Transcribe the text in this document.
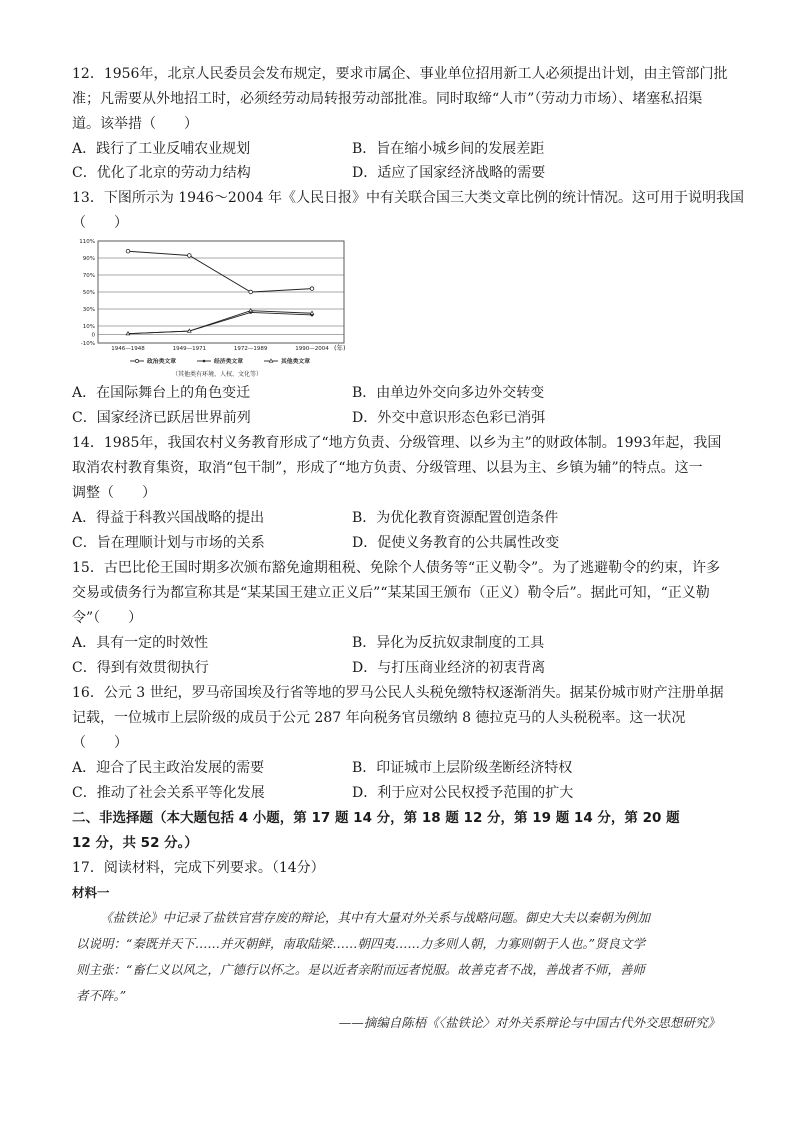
12．1956年，北京人民委员会发布规定，要求市属企、事业单位招用新工人必须提出计划，由主管部门批
准；凡需要从外地招工时，必须经劳动局转报劳动部批准。同时取缔“人市”（劳动力市场）、堵塞私招渠
道。该举措（　　）
A．践行了工业反哺农业规划	B．旨在缩小城乡间的发展差距
C．优化了北京的劳动力结构	D．适应了国家经济战略的需要
13．下图所示为 1946～2004 年《人民日报》中有关联合国三大类文章比例的统计情况。这可用于说明我国
（　　）
110%
90%
70%
50%
30%
10%
0
-10%
1946—1948	1949—1971	1972—1989	1990—2004
政治类文章	经济类文章	其他类文章
(年)
（其他类有环境、人权、文化等）
A．在国际舞台上的角色变迁	B．由单边外交向多边外交转变
C．国家经济已跃居世界前列	D．外交中意识形态色彩已消弭
14．1985年，我国农村义务教育形成了“地方负责、分级管理、以乡为主”的财政体制。1993年起，我国
取消农村教育集资，取消“包干制”，形成了“地方负责、分级管理、以县为主、乡镇为辅”的特点。这一
调整（　　）
A．得益于科教兴国战略的提出	B．为优化教育资源配置创造条件
C．旨在理顺计划与市场的关系	D．促使义务教育的公共属性改变
15．古巴比伦王国时期多次颁布豁免逾期租税、免除个人债务等“正义勒令”。为了逃避勒令的约束，许多
交易或债务行为都宣称其是“某某国王建立正义后”“某某国王颁布（正义）勒令后”。据此可知，“正义勒
令”（　　）
A．具有一定的时效性	B．异化为反抗奴隶制度的工具
C．得到有效贯彻执行	D．与打压商业经济的初衷背离
16．公元 3 世纪，罗马帝国埃及行省等地的罗马公民人头税免缴特权逐渐消失。据某份城市财产注册单据
记载，一位城市上层阶级的成员于公元 287 年向税务官员缴纳 8 德拉克马的人头税税率。这一状况
（　　）
A．迎合了民主政治发展的需要	B．印证城市上层阶级垄断经济特权
C．推动了社会关系平等化发展	D．利于应对公民权授予范围的扩大
二、非选择题（本大题包括 4 小题，第 17 题 14 分，第 18 题 12 分，第 19 题 14 分，第 20 题
12 分，共 52 分。）
17．阅读材料，完成下列要求。（14分）
材料一
《盐铁论》中记录了盐铁官营存废的辩论，其中有大量对外关系与战略问题。御史大夫以秦朝为例加
以说明：“秦既并天下……并灭朝鲜，南取陆梁……朝四夷……力多则人朝，力寡则朝于人也。”贤良文学
则主张：“畜仁义以风之，广德行以怀之。是以近者亲附而远者悦服。故善克者不战，善战者不师，善师
者不阵。”
——摘编自陈梧《〈盐铁论〉对外关系辩论与中国古代外交思想研究》
